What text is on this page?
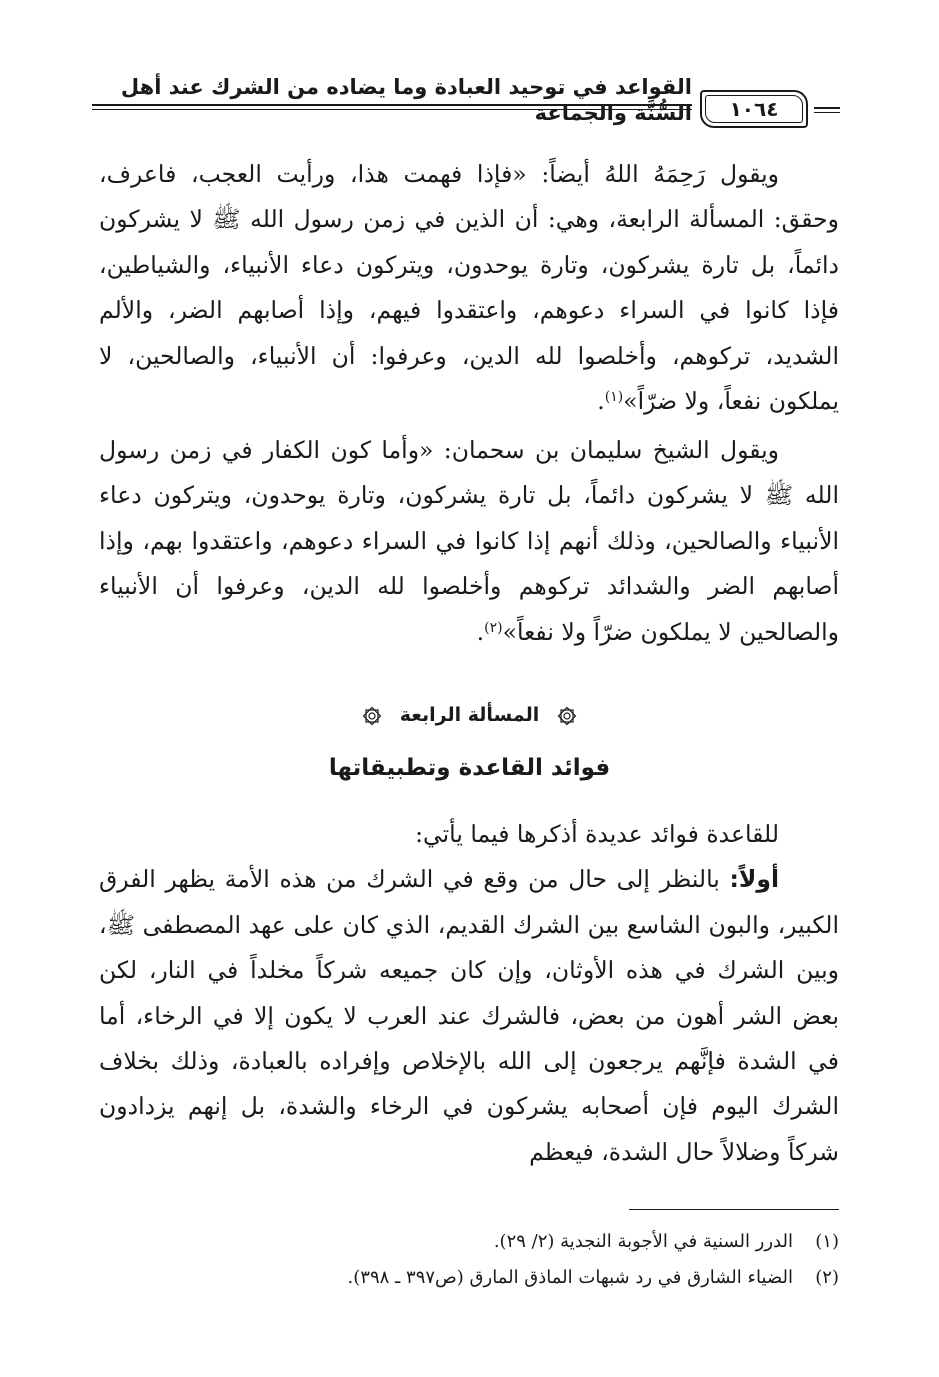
القواعد في توحيد العبادة وما يضاده من الشرك عند أهل السُّنَّة والجماعة	١٠٦٤

ويقول رَحِمَهُ اللهُ أيضاً: «فإذا فهمت هذا، ورأيت العجب، فاعرف، وحقق: المسألة الرابعة، وهي: أن الذين في زمن رسول الله ﷺ لا يشركون دائماً، بل تارة يشركون، وتارة يوحدون، ويتركون دعاء الأنبياء، والشياطين، فإذا كانوا في السراء دعوهم، واعتقدوا فيهم، وإذا أصابهم الضر، والألم الشديد، تركوهم، وأخلصوا لله الدين، وعرفوا: أن الأنبياء، والصالحين، لا يملكون نفعاً، ولا ضرّاً»$^{(١)}$.

ويقول الشيخ سليمان بن سحمان: «وأما كون الكفار في زمن رسول الله ﷺ لا يشركون دائماً، بل تارة يشركون، وتارة يوحدون، ويتركون دعاء الأنبياء والصالحين، وذلك أنهم إذا كانوا في السراء دعوهم، واعتقدوا بهم، وإذا أصابهم الضر والشدائد تركوهم وأخلصوا لله الدين، وعرفوا أن الأنبياء والصالحين لا يملكون ضرّاً ولا نفعاً»$^{(٢)}$.

المسألة الرابعة
فوائد القاعدة وتطبيقاتها

للقاعدة فوائد عديدة أذكرها فيما يأتي:

أولاً: بالنظر إلى حال من وقع في الشرك من هذه الأمة يظهر الفرق الكبير، والبون الشاسع بين الشرك القديم، الذي كان على عهد المصطفى ﷺ، وبين الشرك في هذه الأوثان، وإن كان جميعه شركاً مخلداً في النار، لكن بعض الشر أهون من بعض، فالشرك عند العرب لا يكون إلا في الرخاء، أما في الشدة فإنَّهم يرجعون إلى الله بالإخلاص وإفراده بالعبادة، وذلك بخلاف الشرك اليوم فإن أصحابه يشركون في الرخاء والشدة، بل إنهم يزدادون شركاً وضلالاً حال الشدة، فيعظم

(١)الدرر السنية في الأجوبة النجدية (٢/ ٢٩).
(٢)الضياء الشارق في رد شبهات الماذق المارق (ص٣٩٧ ـ ٣٩٨).
